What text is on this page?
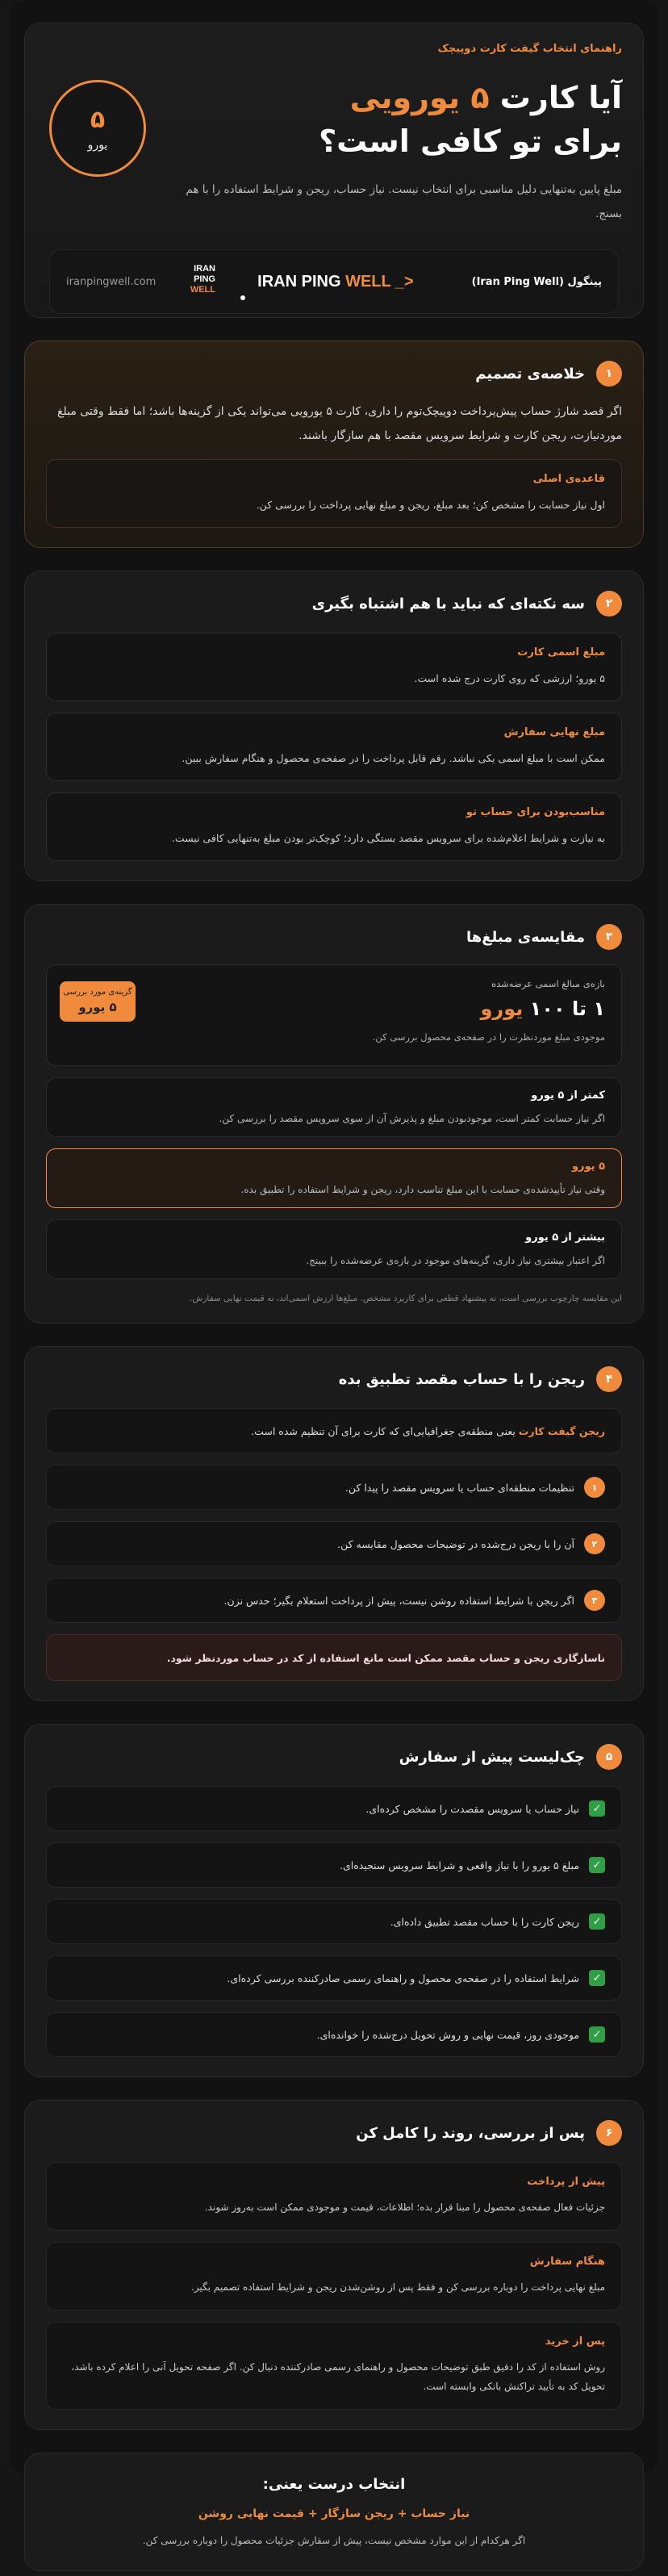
راهنمای انتخاب گیفت کارت دوپیچک
آیا کارت ۵ یورویی
برای تو کافی است؟

مبلغ پایین به‌تنهایی دلیل مناسبی برای انتخاب نیست. نیاز حساب، ریجن و شرایط استفاده را با هم بسنج.

۵
یورو
پینگول (Iran Ping Well)
IRAN PING WELL _>
IRAN
PING
WELL
iranpingwell.com
۱
خلاصه‌ی تصمیم

اگر قصد شارژ حساب پیش‌پرداخت دوپیچک‌توم را داری، کارت ۵ یورویی می‌تواند یکی از گزینه‌ها باشد؛ اما فقط وقتی مبلغ موردنیازت، ریجن کارت و شرایط سرویس مقصد با هم سازگار باشند.

قاعده‌ی اصلی
اول نیاز حسابت را مشخص کن؛ بعد مبلغ، ریجن و مبلغ نهایی پرداخت را بررسی کن.
۲
سه نکته‌ای که نباید با هم اشتباه بگیری
مبلغ اسمی کارت
۵ یورو؛ ارزشی که روی کارت درج شده است.
مبلغ نهایی سفارش
ممکن است با مبلغ اسمی یکی نباشد. رقم قابل پرداخت را در صفحه‌ی محصول و هنگام سفارش ببین.
مناسب‌بودن برای حساب تو
به نیازت و شرایط اعلام‌شده برای سرویس مقصد بستگی دارد؛ کوچک‌تر بودن مبلغ به‌تنهایی کافی نیست.
۳
مقایسه‌ی مبلغ‌ها
بازه‌ی مبالغ اسمی عرضه‌شده
۱ تا ۱۰۰ یورو
موجودی مبلغ موردنظرت را در صفحه‌ی محصول بررسی کن.
گزینه‌ی مورد بررسی
۵ یورو
کمتر از ۵ یورو
اگر نیاز حسابت کمتر است، موجودبودن مبلغ و پذیرش آن از سوی سرویس مقصد را بررسی کن.
۵ یورو
وقتی نیاز تأییدشده‌ی حسابت با این مبلغ تناسب دارد، ریجن و شرایط استفاده را تطبیق بده.
بیشتر از ۵ یورو
اگر اعتبار بیشتری نیاز داری، گزینه‌های موجود در بازه‌ی عرضه‌شده را ببینج.
این مقایسه چارچوب بررسی است، نه پیشنهاد قطعی برای کاربرد مشخص. مبلغ‌ها ارزش اسمی‌اند، نه قیمت نهایی سفارش.
۴
ریجن را با حساب مقصد تطبیق بده
ریجن گیفت کارت یعنی منطقه‌ی جغرافیایی‌ای که کارت برای آن تنظیم شده است.
۱
تنظیمات منطقه‌ای حساب یا سرویس مقصد را پیدا کن.
۲
آن را با ریجن درج‌شده در توضیحات محصول مقایسه کن.
۳
اگر ریجن با شرایط استفاده روشن نیست، پیش از پرداخت استعلام بگیر؛ حدس نزن.
ناسازگاری ریجن و حساب مقصد ممکن است مانع استفاده از کد در حساب موردنظر شود.
۵
چک‌لیست پیش از سفارش
✓
نیاز حساب یا سرویس مقصدت را مشخص کرده‌ای.
✓
مبلغ ۵ یورو را با نیاز واقعی و شرایط سرویس سنجیده‌ای.
✓
ریجن کارت را با حساب مقصد تطبیق داده‌ای.
✓
شرایط استفاده را در صفحه‌ی محصول و راهنمای رسمی صادرکننده بررسی کرده‌ای.
✓
موجودی روز، قیمت نهایی و روش تحویل درج‌شده را خوانده‌ای.
۶
پس از بررسی، روند را کامل کن
پیش از پرداخت
جزئیات فعال صفحه‌ی محصول را مبنا قرار بده؛ اطلاعات، قیمت و موجودی ممکن است به‌روز شوند.
هنگام سفارش
مبلغ نهایی پرداخت را دوباره بررسی کن و فقط پس از روشن‌شدن ریجن و شرایط استفاده تصمیم بگیر.
پس از خرید
روش استفاده از کد را دقیق طبق توضیحات محصول و راهنمای رسمی صادرکننده دنبال کن. اگر صفحه تحویل آنی را اعلام کرده باشد، تحویل کد به تأیید تراکنش بانکی وابسته است.
انتخاب درست یعنی:
نیاز حساب + ریجن سازگار + قیمت نهایی روشن
اگر هرکدام از این موارد مشخص نیست، پیش از سفارش جزئیات محصول را دوباره بررسی کن.
